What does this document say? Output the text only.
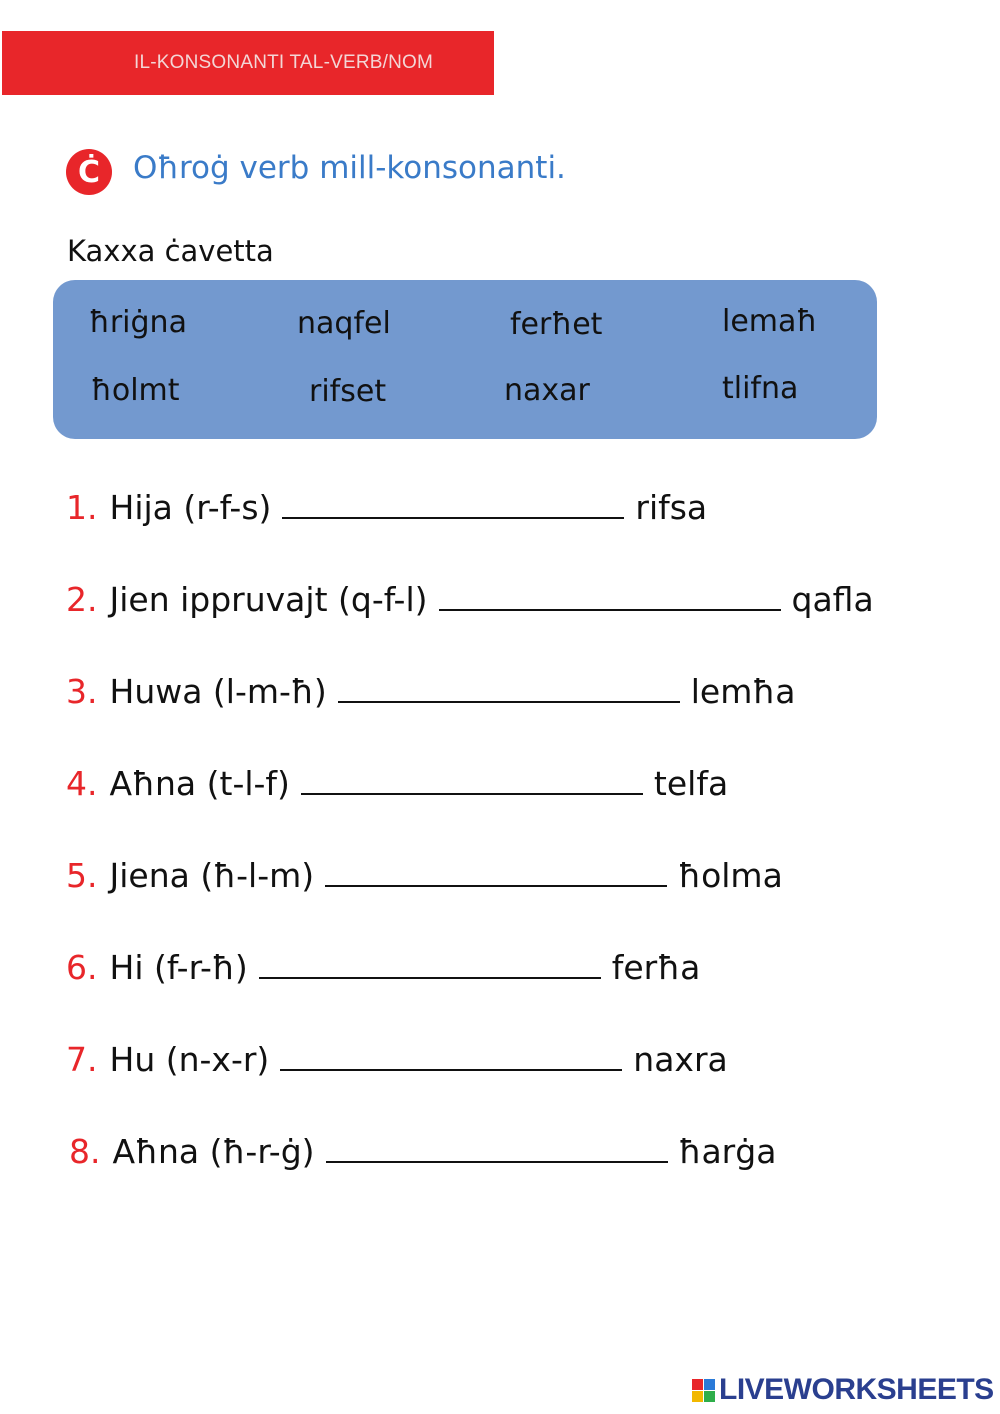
IL-KONSONANTI TAL-VERB/NOM
Ċ	Oħroġ verb mill-konsonanti.
Kaxxa ċavetta
ħriġna	naqfel	ferħet	lemaħ
ħolmt	rifset	naxar	tlifna
1. Hija (r-f-s)	rifsa
2. Jien ippruvajt (q-f-l)	qafla
3. Huwa (l-m-ħ)	lemħa
4. Aħna (t-l-f)	telfa
5. Jiena (ħ-l-m)	ħolma
6. Hi (f-r-ħ)	ferħa
7. Hu (n-x-r)	naxra
8. Aħna (ħ-r-ġ)	ħarġa
LIVEWORKSHEETS
